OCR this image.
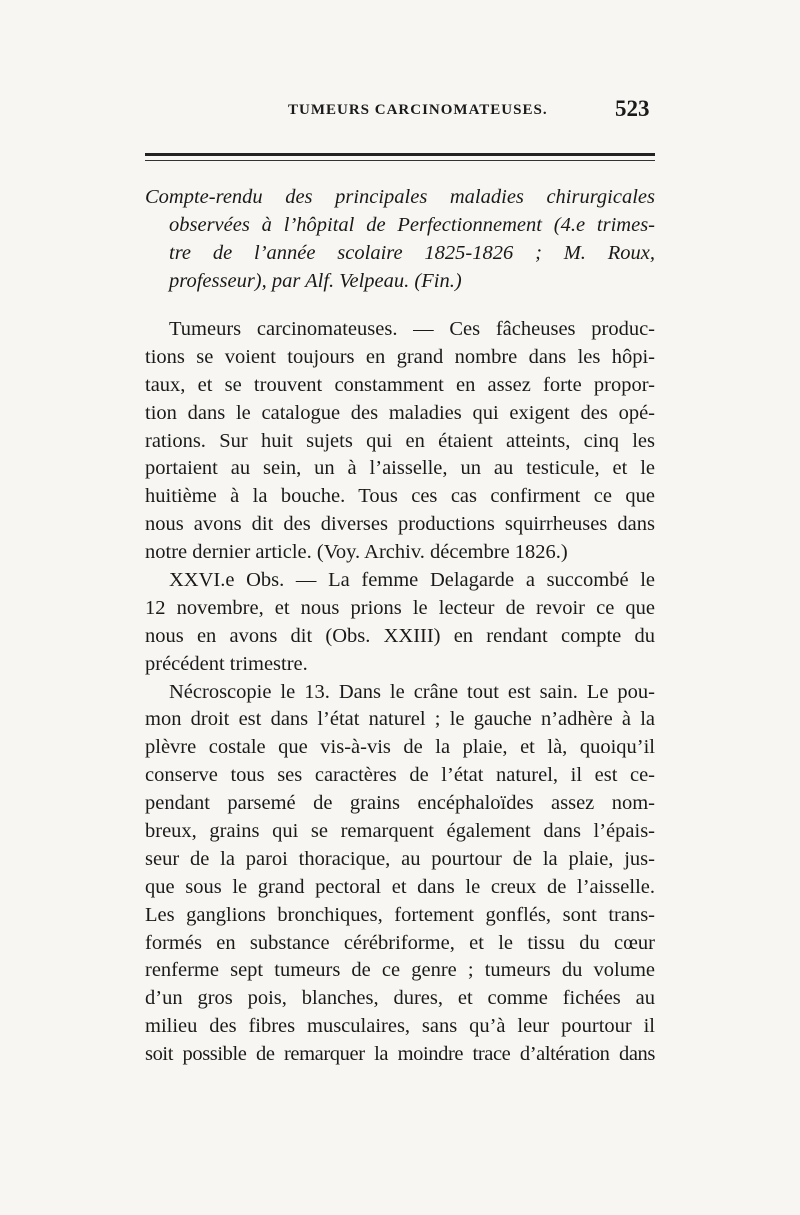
TUMEURS CARCINOMATEUSES.	523
Compte-rendu des principales maladies chirurgicales
observées à l’hôpital de Perfectionnement (4.e trimes-
tre de l’année scolaire 1825-1826 ; M. Roux,
professeur), par Alf. Velpeau. (Fin.)
Tumeurs carcinomateuses. — Ces fâcheuses produc-
tions se voient toujours en grand nombre dans les hôpi-
taux, et se trouvent constamment en assez forte propor-
tion dans le catalogue des maladies qui exigent des opé-
rations. Sur huit sujets qui en étaient atteints, cinq les
portaient au sein, un à l’aisselle, un au testicule, et le
huitième à la bouche. Tous ces cas confirment ce que
nous avons dit des diverses productions squirrheuses dans
notre dernier article. (Voy. Archiv. décembre 1826.)
XXVI.e Obs. — La femme Delagarde a succombé le
12 novembre, et nous prions le lecteur de revoir ce que
nous en avons dit (Obs. XXIII) en rendant compte du
précédent trimestre.
Nécroscopie le 13. Dans le crâne tout est sain. Le pou-
mon droit est dans l’état naturel ; le gauche n’adhère à la
plèvre costale que vis-à-vis de la plaie, et là, quoiqu’il
conserve tous ses caractères de l’état naturel, il est ce-
pendant parsemé de grains encéphaloïdes assez nom-
breux, grains qui se remarquent également dans l’épais-
seur de la paroi thoracique, au pourtour de la plaie, jus-
que sous le grand pectoral et dans le creux de l’aisselle.
Les ganglions bronchiques, fortement gonflés, sont trans-
formés en substance cérébriforme, et le tissu du cœur
renferme sept tumeurs de ce genre ; tumeurs du volume
d’un gros pois, blanches, dures, et comme fichées au
milieu des fibres musculaires, sans qu’à leur pourtour il
soit possible de remarquer la moindre trace d’altération dans
